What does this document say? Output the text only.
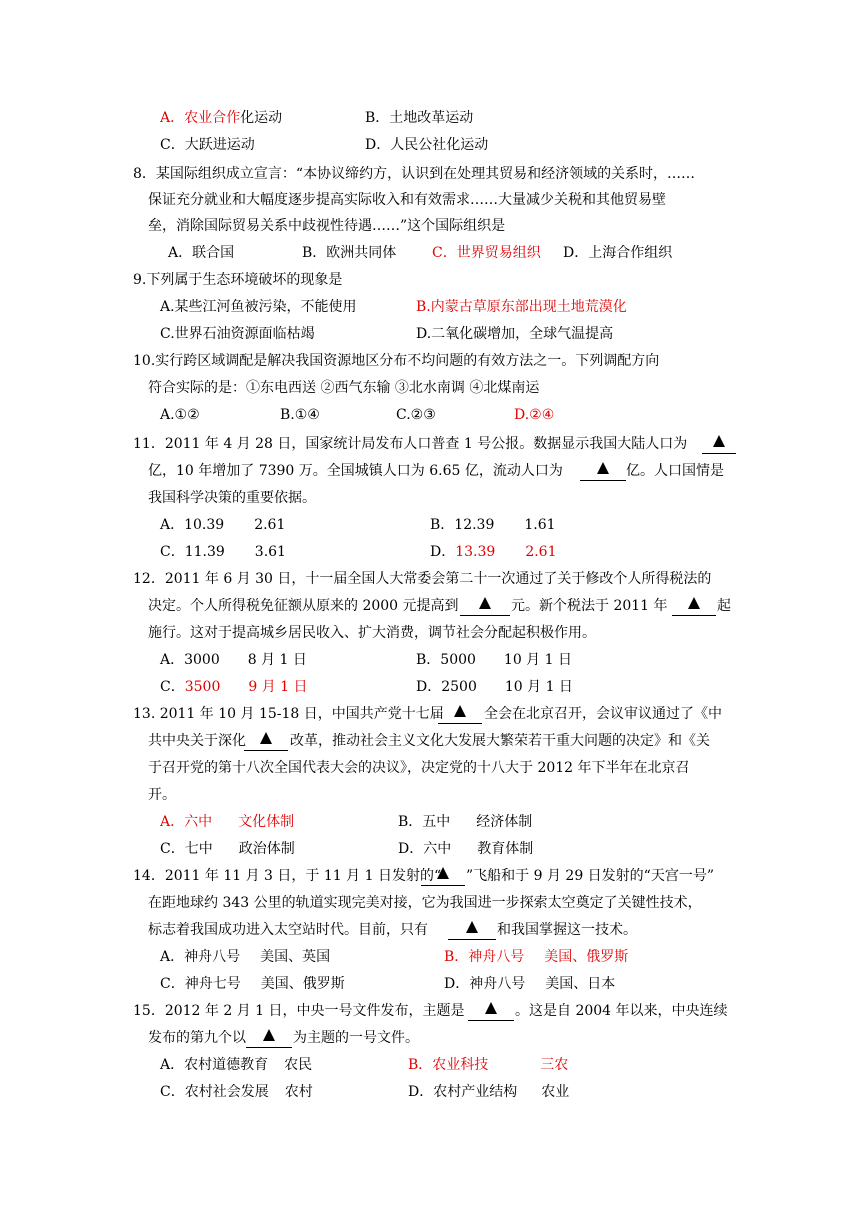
A．农业合作化运动	B．土地改革运动
C．大跃进运动	D．人民公社化运动
8．某国际组织成立宣言：“本协议缔约方，认识到在处理其贸易和经济领域的关系时，……
保证充分就业和大幅度逐步提高实际收入和有效需求……大量减少关税和其他贸易壁
垒，消除国际贸易关系中歧视性待遇……”这个国际组织是
A．联合国	B．欧洲共同体	C．世界贸易组织 D．上海合作组织
9.下列属于生态环境破坏的现象是
A.某些江河鱼被污染，不能使用	B.内蒙古草原东部出现土地荒漠化
C.世界石油资源面临枯竭	D.二氧化碳增加，全球气温提高
10.实行跨区域调配是解决我国资源地区分布不均问题的有效方法之一。下列调配方向
符合实际的是：①东电西送 ②西气东输 ③北水南调 ④北煤南运
A.①②	B.①④	C.②③	D.②④
11．2011 年 4 月 28 日，国家统计局发布人口普查 1 号公报。数据显示我国大陆人口为
亿，10 年增加了 7390 万。全国城镇人口为 6.65 亿，流动人口为	亿。人口国情是
我国科学决策的重要依据。
A．10.39 2.61	B．12.39 1.61
C．11.39 3.61	D．13.39 2.61
12．2011 年 6 月 30 日，十一届全国人大常委会第二十一次通过了关于修改个人所得税法的
决定。个人所得税免征额从原来的 2000 元提高到	元。新个税法于 2011 年	起
施行。这对于提高城乡居民收入、扩大消费，调节社会分配起积极作用。
A．3000 8 月 1 日	B．5000 10 月 1 日
C．3500 9 月 1 日	D．2500 10 月 1 日
13. 2011 年 10 月 15-18 日，中国共产党十七届	全会在北京召开，会议审议通过了《中
共中央关于深化	改革，推动社会主义文化大发展大繁荣若干重大问题的决定》和《关
于召开党的第十八次全国代表大会的决议》，决定党的十八大于 2012 年下半年在北京召
开。
A．六中 文化体制	B．五中 经济体制
C．七中 政治体制	D．六中 教育体制
14．2011 年 11 月 3 日，于 11 月 1 日发射的“ ”飞船和于 9 月 29 日发射的“天宫一号”
在距地球约 343 公里的轨道实现完美对接，它为我国进一步探索太空奠定了关键性技术，
标志着我国成功进入太空站时代。目前，只有	和我国掌握这一技术。
A．神舟八号 美国、英国	B．神舟八号 美国、俄罗斯
C．神舟七号 美国、俄罗斯	D．神舟八号 美国、日本
15．2012 年 2 月 1 日，中央一号文件发布，主题是	。这是自 2004 年以来，中央连续
发布的第九个以	为主题的一号文件。
A．农村道德教育 农民	B．农业科技	三农
C．农村社会发展 农村	D．农村产业结构 农业
